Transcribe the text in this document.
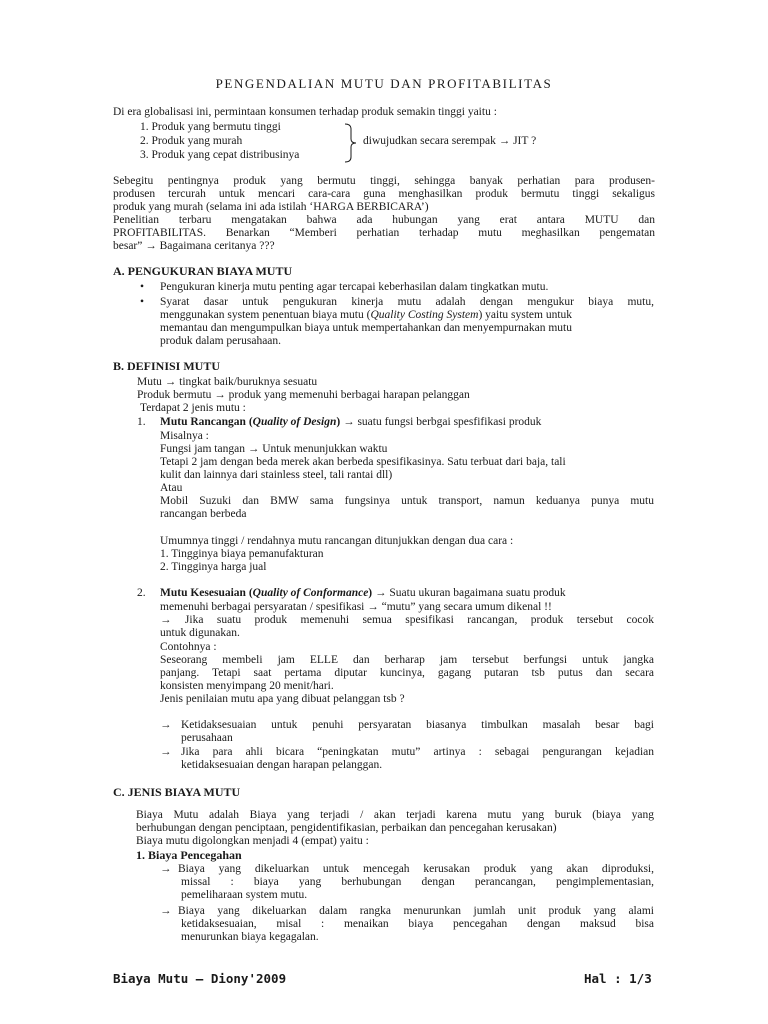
PENGENDALIAN MUTU DAN PROFITABILITAS
Di era globalisasi ini, permintaan konsumen terhadap produk semakin tinggi yaitu :
1. Produk yang bermutu tinggi
2. Produk yang murah
3. Produk yang cepat distribusinya
diwujudkan secara serempak → JIT ?
Sebegitu pentingnya produk yang bermutu tinggi, sehingga banyak perhatian para produsen-
produsen tercurah untuk mencari cara-cara guna menghasilkan produk bermutu tinggi sekaligus
produk yang murah (selama ini ada istilah ‘HARGA BERBICARA’)
Penelitian terbaru mengatakan bahwa ada hubungan yang erat antara MUTU dan
PROFITABILITAS. Benarkan “Memberi perhatian terhadap mutu meghasilkan pengematan
besar” → Bagaimana ceritanya ???
A. PENGUKURAN BIAYA MUTU
• Pengukuran kinerja mutu penting agar tercapai keberhasilan dalam tingkatkan mutu.
• Syarat dasar untuk pengukuran kinerja mutu adalah dengan mengukur biaya mutu,
menggunakan system penentuan biaya mutu (Quality Costing System) yaitu system untuk
memantau dan mengumpulkan biaya untuk mempertahankan dan menyempurnakan mutu
produk dalam perusahaan.
B. DEFINISI MUTU
Mutu → tingkat baik/buruknya sesuatu
Produk bermutu → produk yang memenuhi berbagai harapan pelanggan
Terdapat 2 jenis mutu :
1. Mutu Rancangan (Quality of Design) → suatu fungsi berbgai spesfifikasi produk
Misalnya :
Fungsi jam tangan → Untuk menunjukkan waktu
Tetapi 2 jam dengan beda merek akan berbeda spesifikasinya. Satu terbuat dari baja, tali
kulit dan lainnya dari stainless steel, tali rantai dll)
Atau
Mobil Suzuki dan BMW sama fungsinya untuk transport, namun keduanya punya mutu
rancangan berbeda
Umumnya tinggi / rendahnya mutu rancangan ditunjukkan dengan dua cara :
1. Tingginya biaya pemanufakturan
2. Tingginya harga jual
2. Mutu Kesesuaian (Quality of Conformance) → Suatu ukuran bagaimana suatu produk
memenuhi berbagai persyaratan / spesifikasi → “mutu” yang secara umum dikenal !!
→ Jika suatu produk memenuhi semua spesifikasi rancangan, produk tersebut cocok
untuk digunakan.
Contohnya :
Seseorang membeli jam ELLE dan berharap jam tersebut berfungsi untuk jangka
panjang. Tetapi saat pertama diputar kuncinya, gagang putaran tsb putus dan secara
konsisten menyimpang 20 menit/hari.
Jenis penilaian mutu apa yang dibuat pelanggan tsb ?
→ Ketidaksesuaian untuk penuhi persyaratan biasanya timbulkan masalah besar bagi
perusahaan
→ Jika para ahli bicara “peningkatan mutu” artinya : sebagai pengurangan kejadian
ketidaksesuaian dengan harapan pelanggan.
C. JENIS BIAYA MUTU
Biaya Mutu adalah Biaya yang terjadi / akan terjadi karena mutu yang buruk (biaya yang
berhubungan dengan penciptaan, pengidentifikasian, perbaikan dan pencegahan kerusakan)
Biaya mutu digolongkan menjadi 4 (empat) yaitu :
1. Biaya Pencegahan
→ Biaya yang dikeluarkan untuk mencegah kerusakan produk yang akan diproduksi,
missal : biaya yang berhubungan dengan perancangan, pengimplementasian,
pemeliharaan system mutu.
→ Biaya yang dikeluarkan dalam rangka menurunkan jumlah unit produk yang alami
ketidaksesuaian, misal : menaikan biaya pencegahan dengan maksud bisa
menurunkan biaya kegagalan.
Biaya Mutu – Diony'2009	Hal : 1/3
